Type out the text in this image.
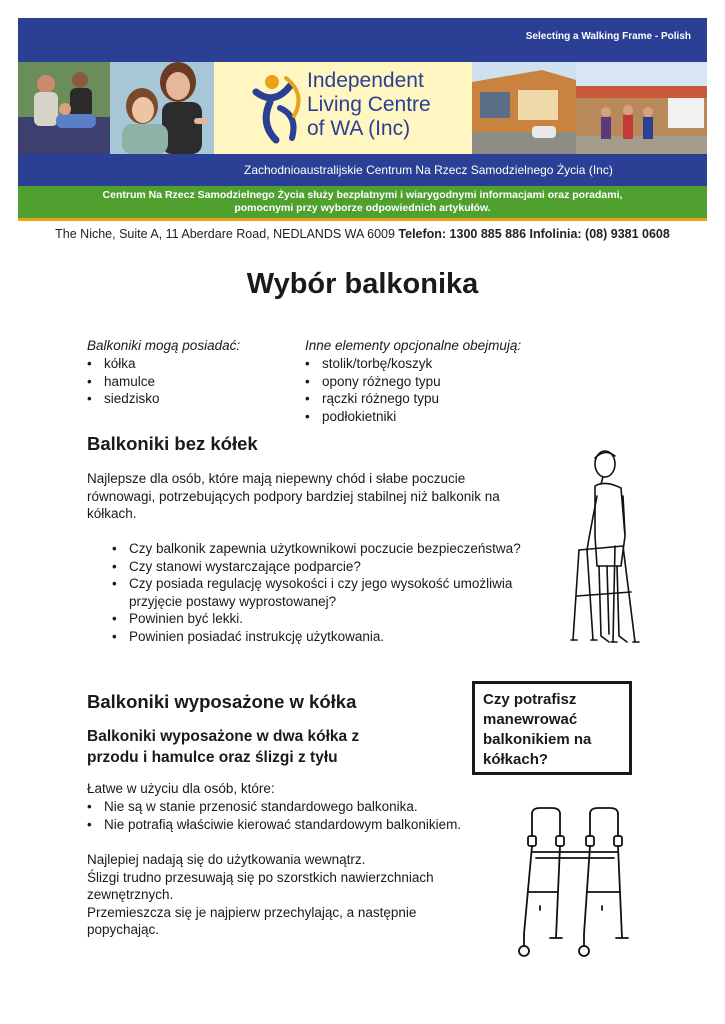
Selecting a Walking Frame - Polish
Independent
Living Centre
of WA (Inc)
Zachodnioaustralijskie Centrum Na Rzecz Samodzielnego Życia (Inc)
Centrum Na Rzecz Samodzielnego Życia służy bezpłatnymi i wiarygodnymi informacjami oraz poradami,
pomocnymi przy wyborze odpowiednich artykułów.
The Niche, Suite A, 11 Aberdare Road, NEDLANDS WA 6009 Telefon: 1300 885 886 Infolinia: (08) 9381 0608
Wybór balkonika
Balkoniki mogą posiadać:
• kółka
• hamulce
• siedzisko
Inne elementy opcjonalne obejmują:
• stolik/torbę/koszyk
• opony różnego typu
• rączki różnego typu
• podłokietniki
Balkoniki bez kółek
Najlepsze dla osób, które mają niepewny chód i słabe poczucie
równowagi, potrzebujących podpory bardziej stabilnej niż balkonik na
kółkach.
• Czy balkonik zapewnia użytkownikowi poczucie bezpieczeństwa?
• Czy stanowi wystarczające podparcie?
• Czy posiada regulację wysokości i czy jego wysokość umożliwia
przyjęcie postawy wyprostowanej?
• Powinien być lekki.
• Powinien posiadać instrukcję użytkowania.
Balkoniki wyposażone w kółka
Balkoniki wyposażone w dwa kółka z
przodu i hamulce oraz ślizgi z tyłu
Łatwe w użyciu dla osób, które:
• Nie są w stanie przenosić standardowego balkonika.
• Nie potrafią właściwie kierować standardowym balkonikiem.
Najlepiej nadają się do użytkowania wewnątrz.
Ślizgi trudno przesuwają się po szorstkich nawierzchniach
zewnętrznych.
Przemieszcza się je najpierw przechylając, a następnie
popychając.
Czy potrafisz
manewrować
balkonikiem na
kółkach?
